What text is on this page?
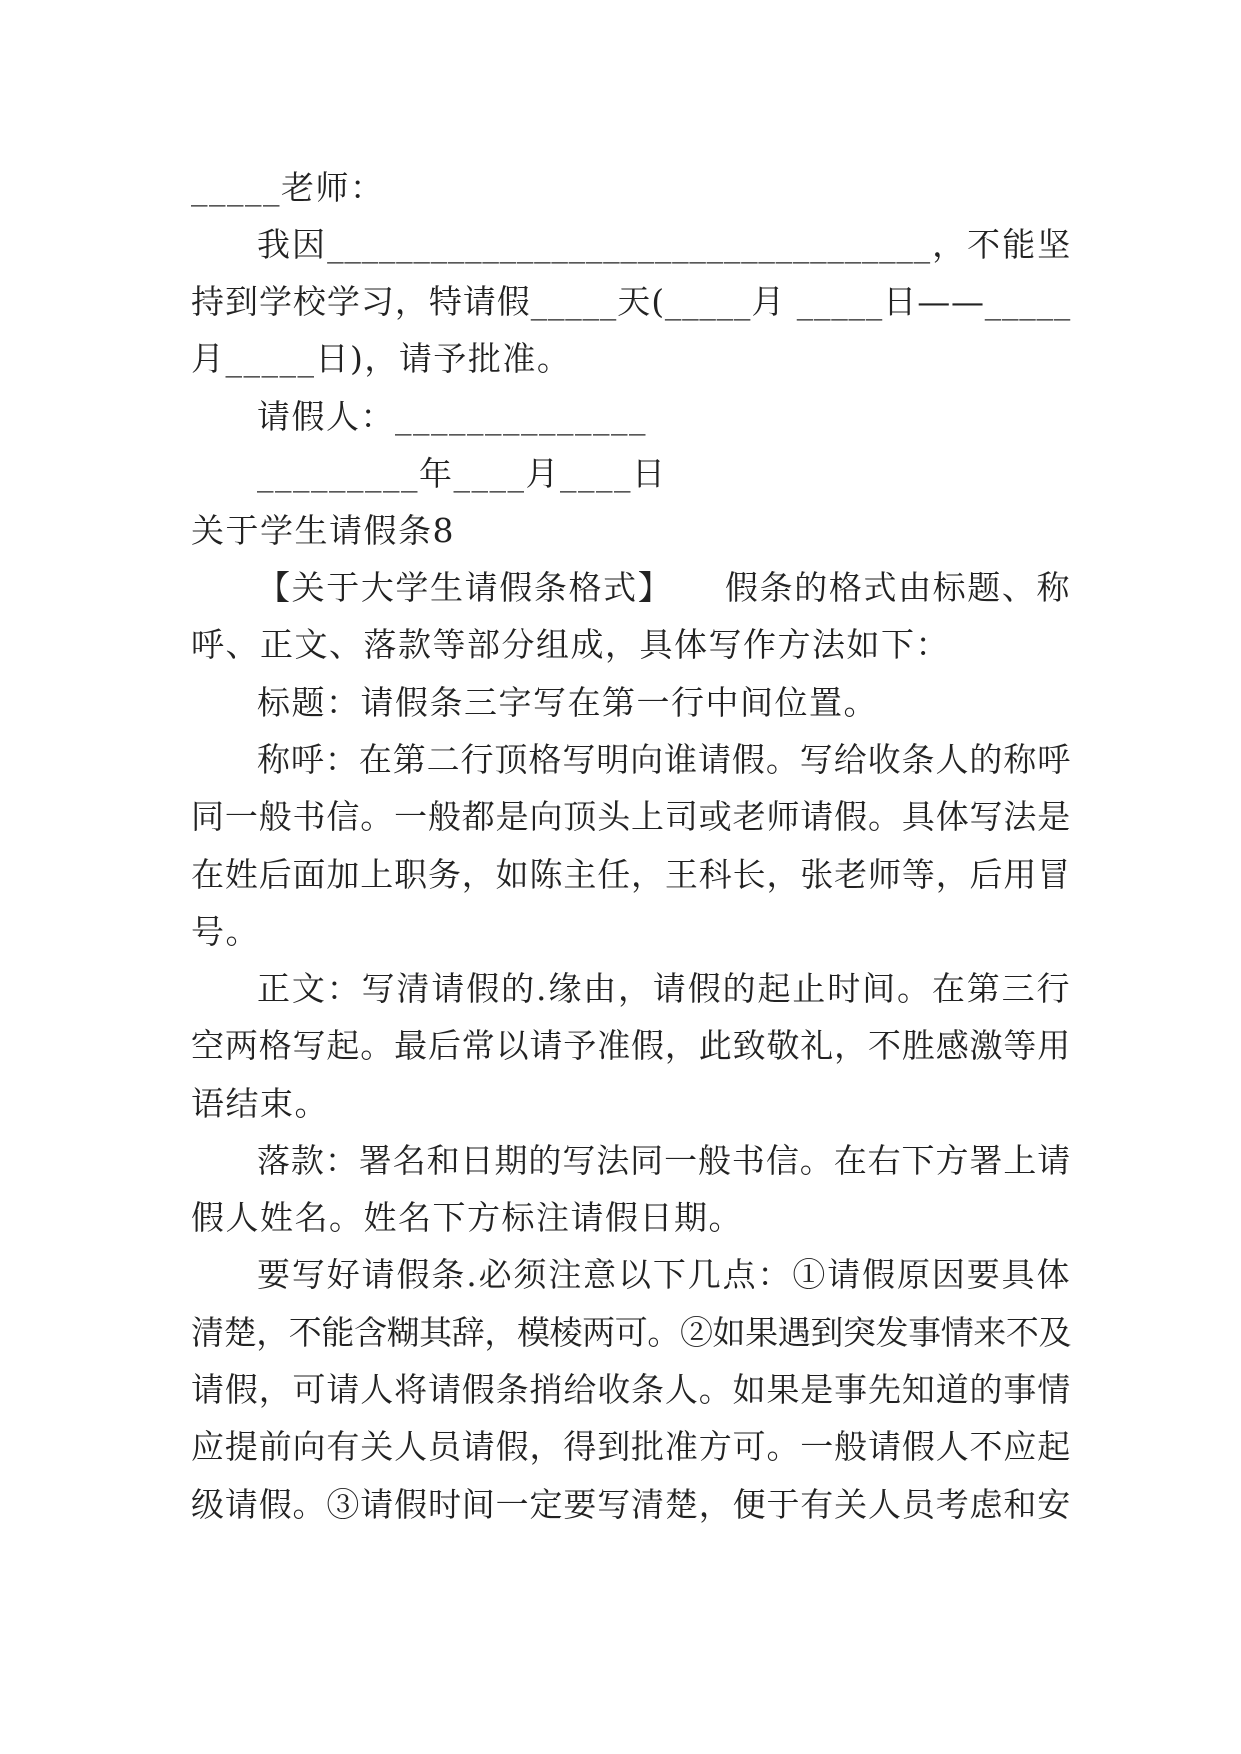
_____老师：
我因___________________________________，不能坚
持到学校学习，特请假_____天(_____月 _____日——_____
月_____日)，请予批准。
请假人：______________
_________年____月____日
关于学生请假条8
【关于大学生请假条格式】　　假条的格式由标题、称
呼、正文、落款等部分组成，具体写作方法如下：
标题：请假条三字写在第一行中间位置。
称呼：在第二行顶格写明向谁请假。写给收条人的称呼
同一般书信。一般都是向顶头上司或老师请假。具体写法是
在姓后面加上职务，如陈主任，王科长，张老师等，后用冒
号。
正文：写清请假的.缘由，请假的起止时间。在第三行
空两格写起。最后常以请予准假，此致敬礼，不胜感激等用
语结束。
落款：署名和日期的写法同一般书信。在右下方署上请
假人姓名。姓名下方标注请假日期。
要写好请假条.必须注意以下几点：①请假原因要具体
清楚，不能含糊其辞，模棱两可。②如果遇到突发事情来不及
请假，可请人将请假条捎给收条人。如果是事先知道的事情
应提前向有关人员请假，得到批准方可。一般请假人不应起
级请假。③请假时间一定要写清楚，便于有关人员考虑和安
